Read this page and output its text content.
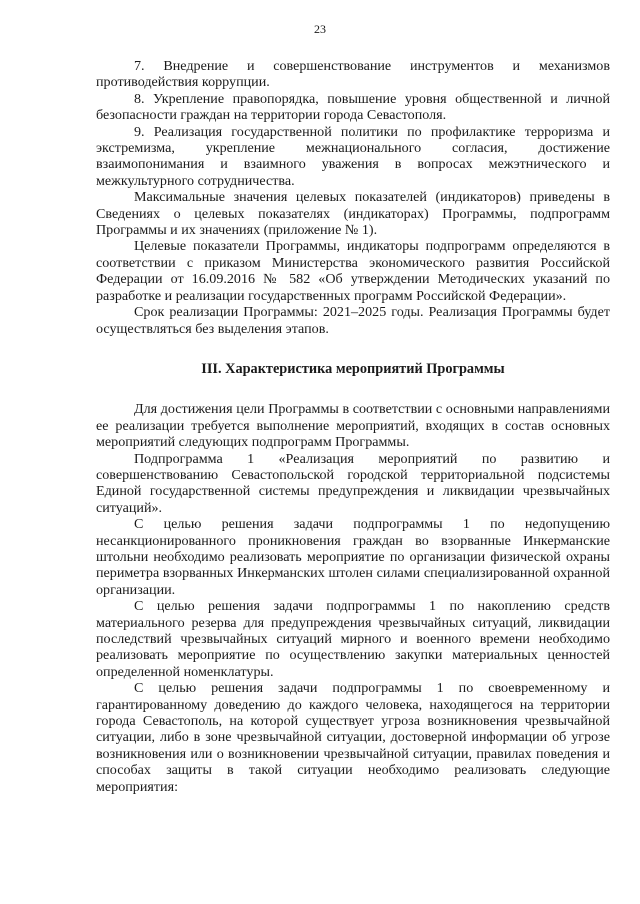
23

7. Внедрение и совершенствование инструментов и механизмов противодействия коррупции.

8. Укрепление правопорядка, повышение уровня общественной и личной безопасности граждан на территории города Севастополя.

9. Реализация государственной политики по профилактике терроризма и экстремизма, укрепление межнационального согласия, достижение взаимопонимания и взаимного уважения в вопросах межэтнического и межкультурного сотрудничества.

Максимальные значения целевых показателей (индикаторов) приведены в Сведениях о целевых показателях (индикаторах) Программы, подпрограмм Программы и их значениях (приложение № 1).

Целевые показатели Программы, индикаторы подпрограмм определяются в соответствии с приказом Министерства экономического развития Российской Федерации от 16.09.2016 № 582 «Об утверждении Методических указаний по разработке и реализации государственных программ Российской Федерации».

Срок реализации Программы: 2021–2025 годы. Реализация Программы будет осуществляться без выделения этапов.

III. Характеристика мероприятий Программы

Для достижения цели Программы в соответствии с основными направлениями ее реализации требуется выполнение мероприятий, входящих в состав основных мероприятий следующих подпрограмм Программы.

Подпрограмма 1 «Реализация мероприятий по развитию и совершенствованию Севастопольской городской территориальной подсистемы Единой государственной системы предупреждения и ликвидации чрезвычайных ситуаций».

С целью решения задачи подпрограммы 1 по недопущению несанкционированного проникновения граждан во взорванные Инкерманские штольни необходимо реализовать мероприятие по организации физической охраны периметра взорванных Инкерманских штолен силами специализированной охранной организации.

С целью решения задачи подпрограммы 1 по накоплению средств материального резерва для предупреждения чрезвычайных ситуаций, ликвидации последствий чрезвычайных ситуаций мирного и военного времени необходимо реализовать мероприятие по осуществлению закупки материальных ценностей определенной номенклатуры.

С целью решения задачи подпрограммы 1 по своевременному и гарантированному доведению до каждого человека, находящегося на территории города Севастополь, на которой существует угроза возникновения чрезвычайной ситуации, либо в зоне чрезвычайной ситуации, достоверной информации об угрозе возникновения или о возникновении чрезвычайной ситуации, правилах поведения и способах защиты в такой ситуации необходимо реализовать следующие мероприятия:
